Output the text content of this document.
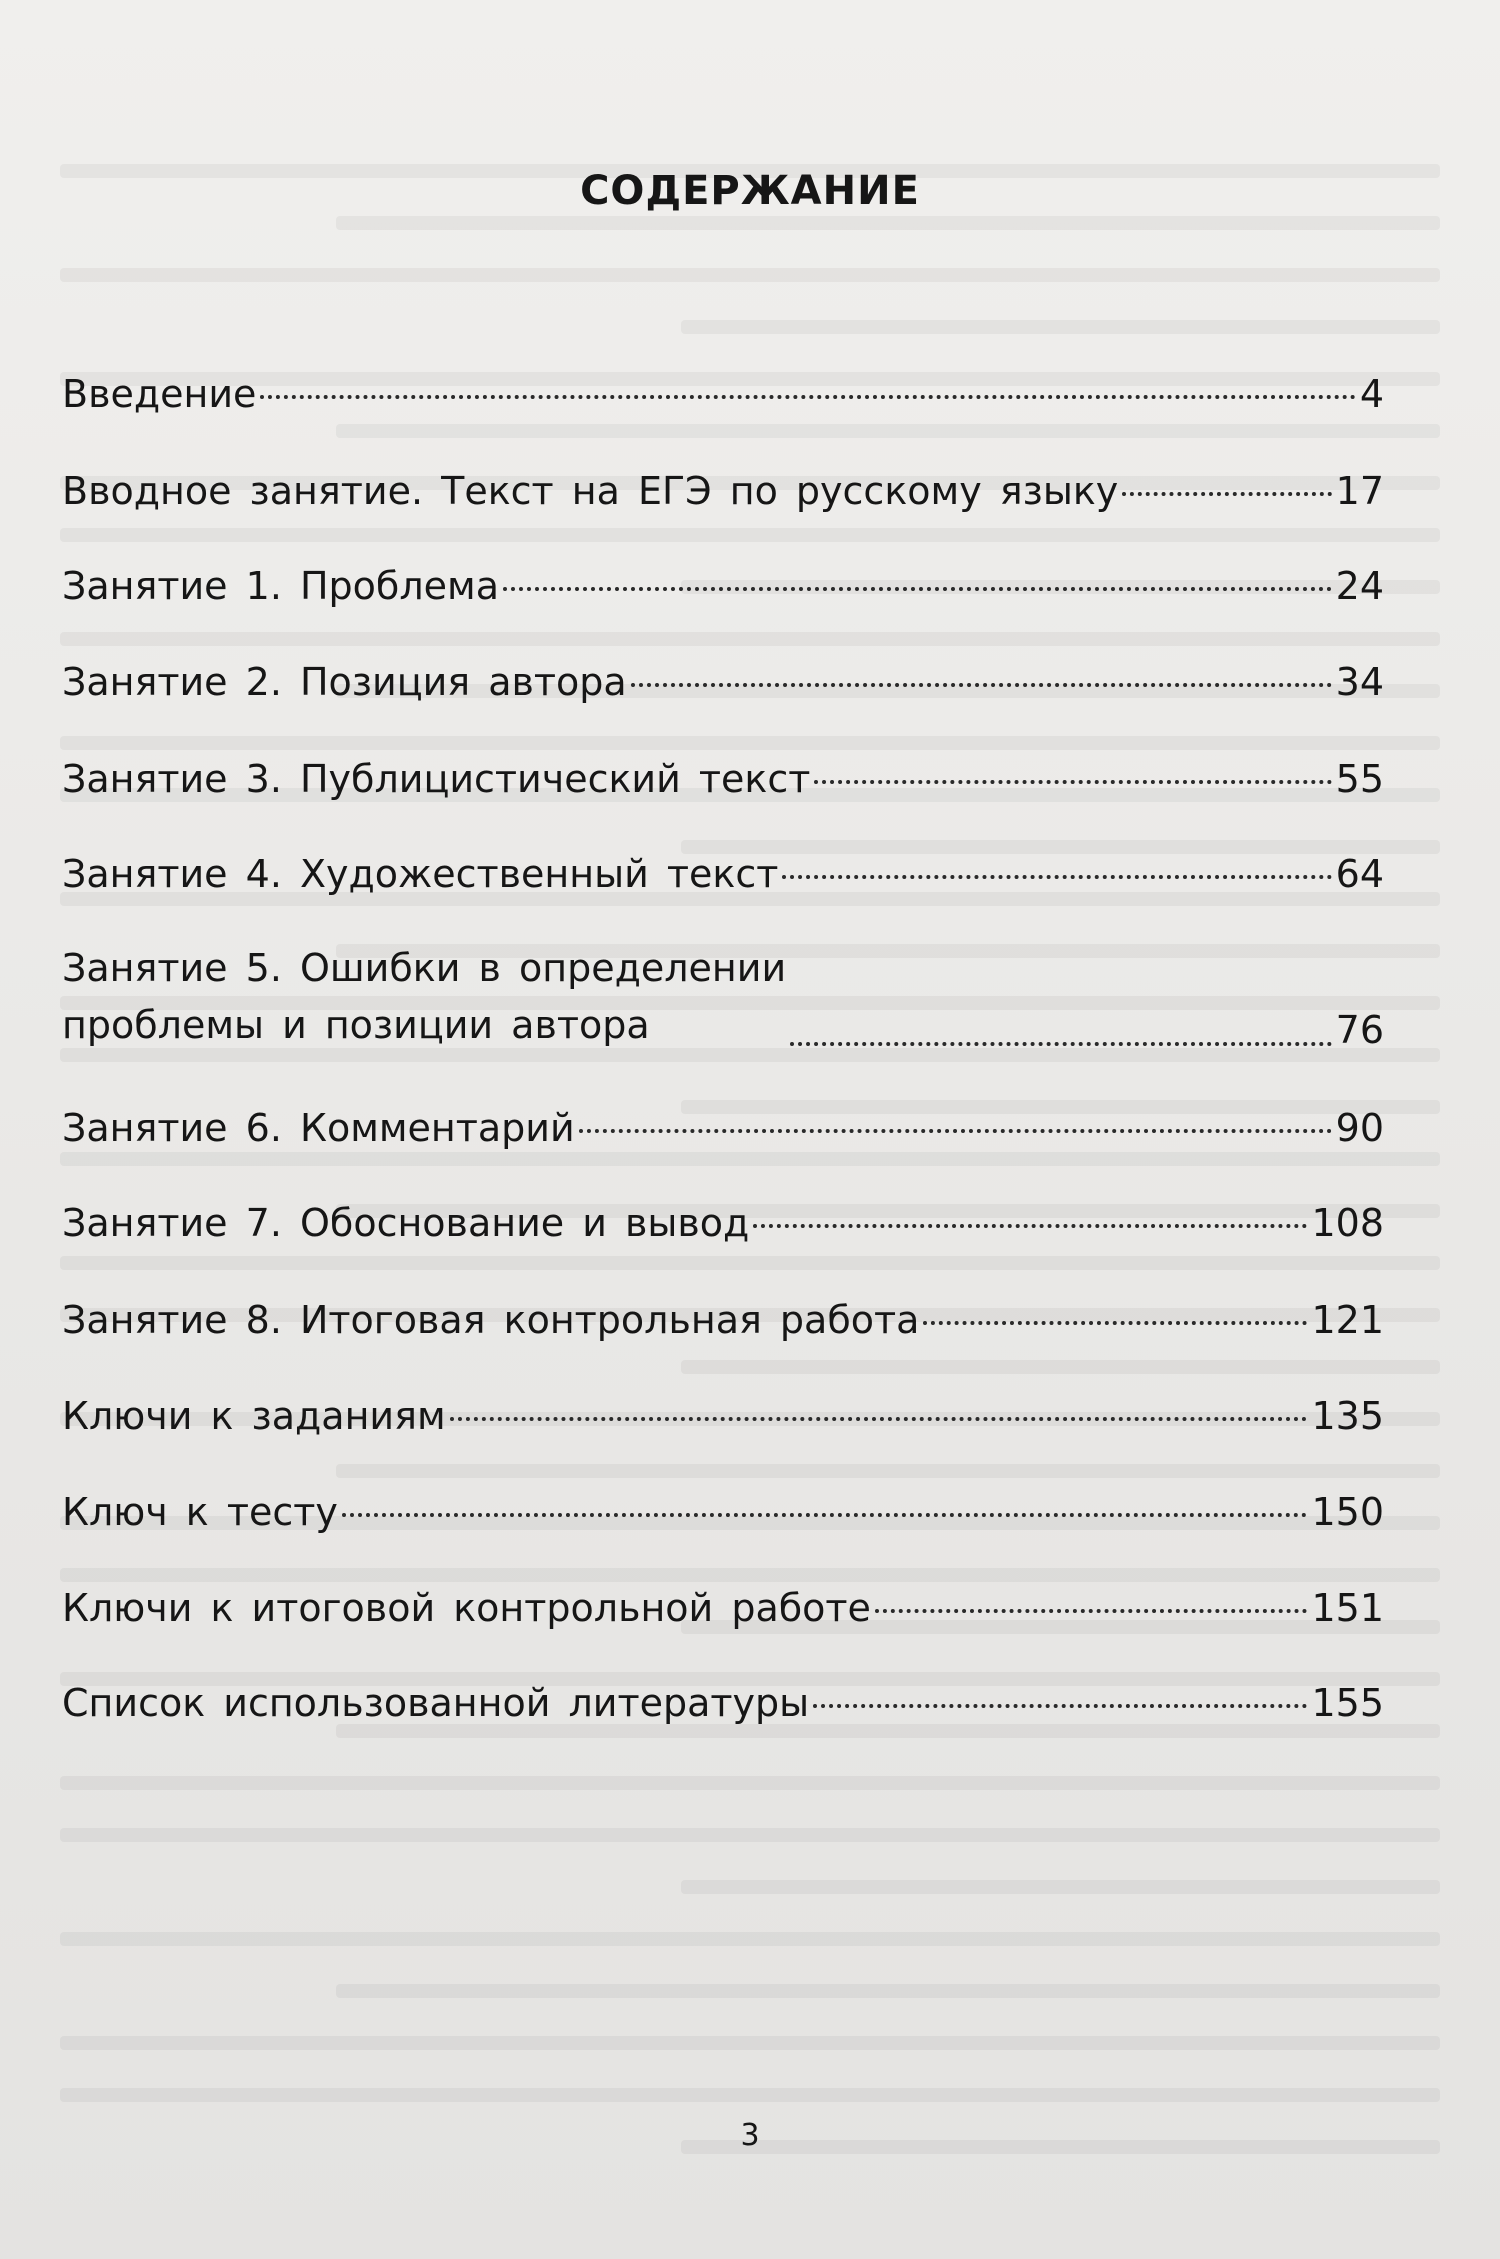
СОДЕРЖАНИЕ
Введение	4
Вводное занятие. Текст на ЕГЭ по русскому языку	17
Занятие 1. Проблема	24
Занятие 2. Позиция автора	34
Занятие 3. Публицистический текст	55
Занятие 4. Художественный текст	64
Занятие 5. Ошибки в определении
проблемы и позиции автора	76
Занятие 6. Комментарий	90
Занятие 7. Обоснование и вывод	108
Занятие 8. Итоговая контрольная работа	121
Ключи к заданиям	135
Ключ к тесту	150
Ключи к итоговой контрольной работе	151
Список использованной литературы	155
3
